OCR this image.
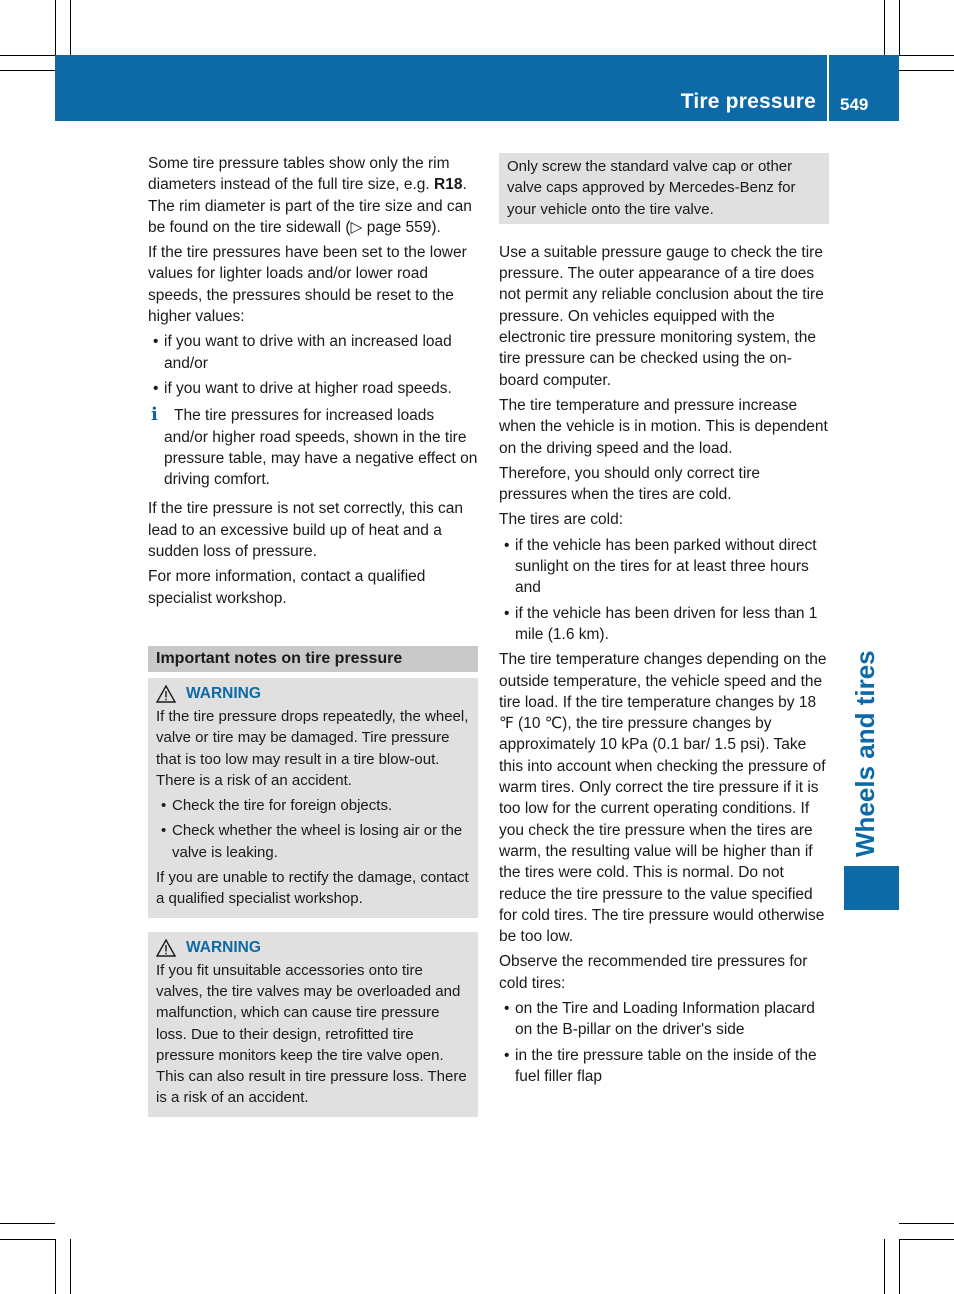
Tire pressure 549
Wheels and tires

Some tire pressure tables show only the rim diameters instead of the full tire size, e.g. R18. The rim diameter is part of the tire size and can be found on the tire sidewall (▷ page 559).

If the tire pressures have been set to the lower values for lighter loads and/or lower road speeds, the pressures should be reset to the higher values:

• if you want to drive with an increased load and/or
• if you want to drive at higher road speeds.
i	The tire pressures for increased loads and/or higher road speeds, shown in the tire pressure table, may have a negative effect on driving comfort.

If the tire pressure is not set correctly, this can lead to an excessive build up of heat and a sudden loss of pressure.

For more information, contact a qualified specialist workshop.

Important notes on tire pressure
WARNING

If the tire pressure drops repeatedly, the wheel, valve or tire may be damaged. Tire pressure that is too low may result in a tire blow-out. There is a risk of an accident.

• Check the tire for foreign objects.
• Check whether the wheel is losing air or the valve is leaking.

If you are unable to rectify the damage, contact a qualified specialist workshop.

WARNING

If you fit unsuitable accessories onto tire valves, the tire valves may be overloaded and malfunction, which can cause tire pressure loss. Due to their design, retrofitted tire pressure monitors keep the tire valve open. This can also result in tire pressure loss. There is a risk of an accident.

Only screw the standard valve cap or other valve caps approved by Mercedes-Benz for your vehicle onto the tire valve.

Use a suitable pressure gauge to check the tire pressure. The outer appearance of a tire does not permit any reliable conclusion about the tire pressure. On vehicles equipped with the electronic tire pressure monitoring system, the tire pressure can be checked using the on-board computer.

The tire temperature and pressure increase when the vehicle is in motion. This is dependent on the driving speed and the load.

Therefore, you should only correct tire pressures when the tires are cold.

The tires are cold:

• if the vehicle has been parked without direct sunlight on the tires for at least three hours and
• if the vehicle has been driven for less than 1 mile (1.6 km).

The tire temperature changes depending on the outside temperature, the vehicle speed and the tire load. If the tire temperature changes by 18 ℉ (10 ℃), the tire pressure changes by approximately 10 kPa (0.1 bar/ 1.5 psi). Take this into account when checking the pressure of warm tires. Only correct the tire pressure if it is too low for the current operating conditions. If you check the tire pressure when the tires are warm, the resulting value will be higher than if the tires were cold. This is normal. Do not reduce the tire pressure to the value specified for cold tires. The tire pressure would otherwise be too low.

Observe the recommended tire pressures for cold tires:

• on the Tire and Loading Information placard on the B-pillar on the driver's side
• in the tire pressure table on the inside of the fuel filler flap
